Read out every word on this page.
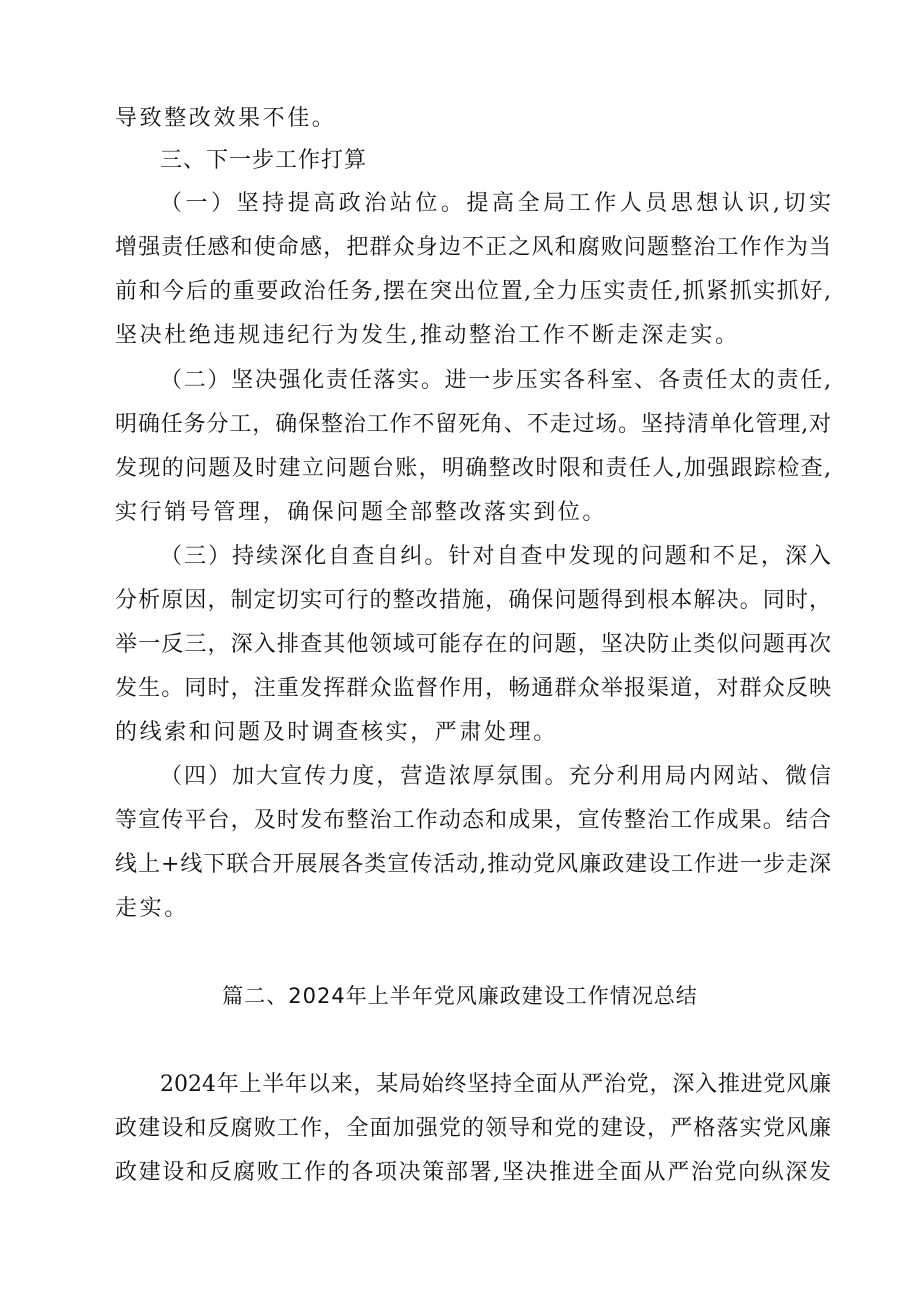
导致整改效果不佳。
三、下一步工作打算
（一）坚持提高政治站位。提高全局工作人员思想认识,切实
增强责任感和使命感，把群众身边不正之风和腐败问题整治工作作为当
前和今后的重要政治任务,摆在突出位置,全力压实责任,抓紧抓实抓好,
坚决杜绝违规违纪行为发生,推动整治工作不断走深走实。
（二）坚决强化责任落实。进一步压实各科室、各责任太的责任,
明确任务分工，确保整治工作不留死角、不走过场。坚持清单化管理,对
发现的问题及时建立问题台账，明确整改时限和责任人,加强跟踪检查,
实行销号管理，确保问题全部整改落实到位。
（三）持续深化自查自纠。针对自查中发现的问题和不足，深入
分析原因，制定切实可行的整改措施，确保问题得到根本解决。同时，
举一反三，深入排查其他领域可能存在的问题，坚决防止类似问题再次
发生。同时，注重发挥群众监督作用，畅通群众举报渠道，对群众反映
的线索和问题及时调查核实，严肃处理。
（四）加大宣传力度，营造浓厚氛围。充分利用局内网站、微信
等宣传平台，及时发布整治工作动态和成果，宣传整治工作成果。结合
线上+线下联合开展展各类宣传活动,推动党风廉政建设工作进一步走深
走实。
篇二、2024年上半年党风廉政建设工作情况总结
2024年上半年以来，某局始终坚持全面从严治党，深入推进党风廉
政建设和反腐败工作，全面加强党的领导和党的建设，严格落实党风廉
政建设和反腐败工作的各项决策部署,坚决推进全面从严治党向纵深发
